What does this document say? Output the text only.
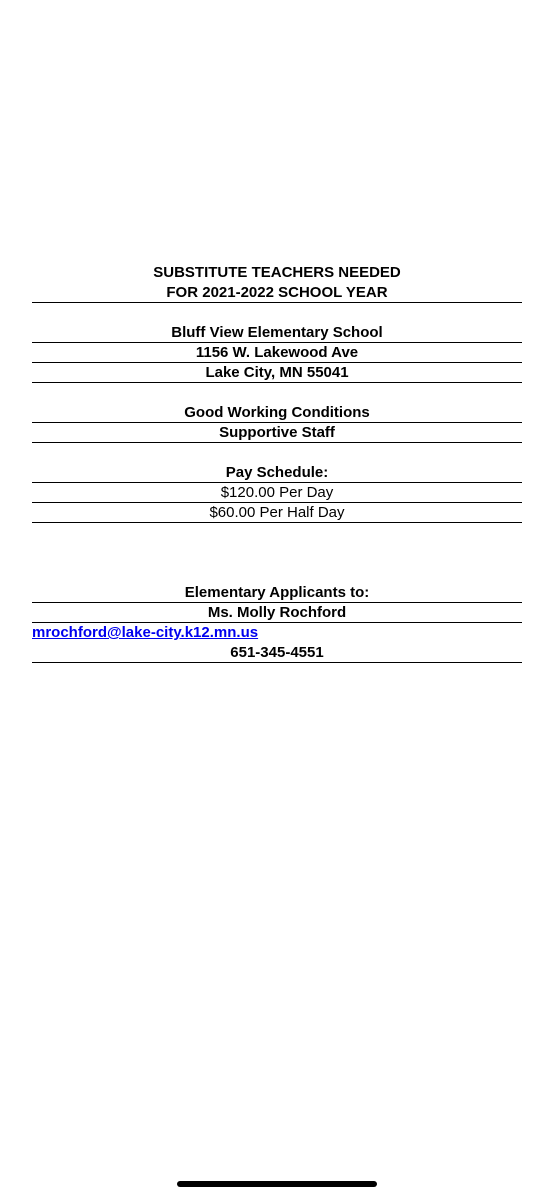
SUBSTITUTE TEACHERS NEEDED
FOR 2021-2022 SCHOOL YEAR
Bluff View Elementary School
1156 W. Lakewood Ave
Lake City, MN 55041
Good Working Conditions
Supportive Staff
Pay Schedule:
$120.00 Per Day
$60.00 Per Half Day
Elementary Applicants to:
Ms. Molly Rochford
mrochford@lake-city.k12.mn.us
651-345-4551
